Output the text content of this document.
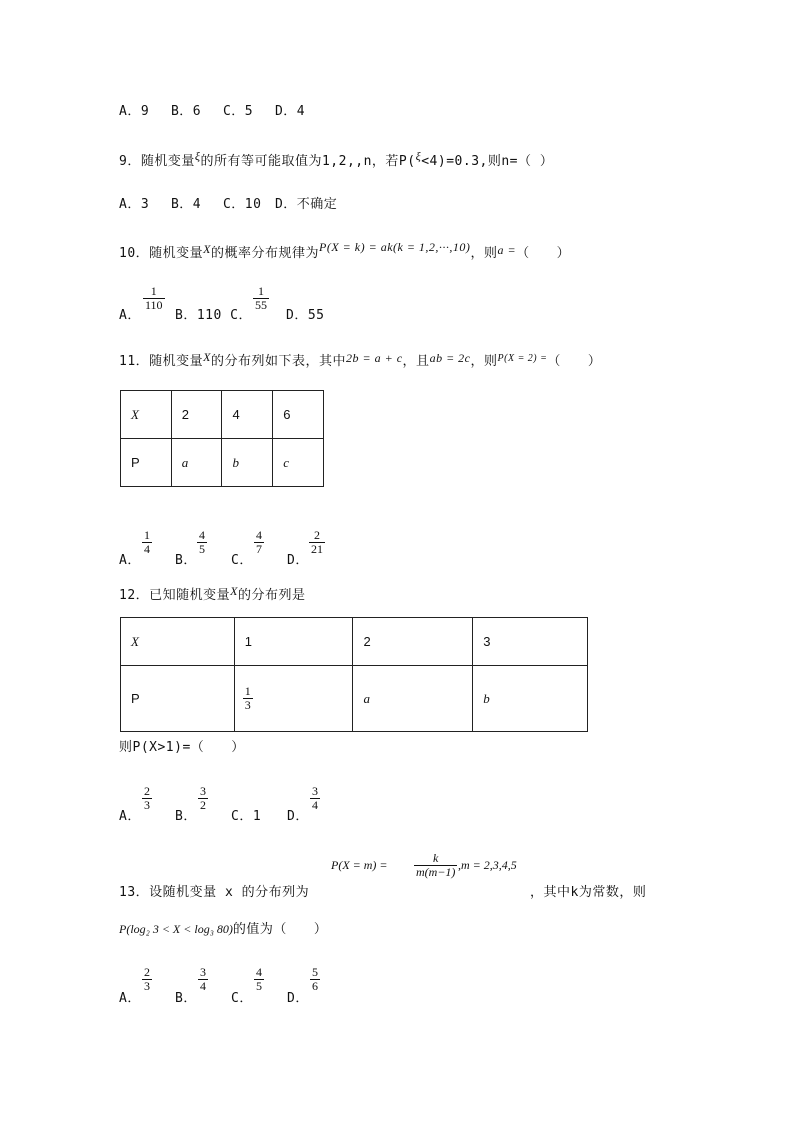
A．9　 B．6　 C．5　 D．4
9．随机变量ξ的所有等可能取值为1,2,,n，若P(ξ<4)=0.3,则n=（ ）
A．3　 B．4　 C．10　D．不确定
10．随机变量X的概率分布规律为P(X = k) = ak(k = 1,2,···,10)，则a =（　　）
A．
$\frac{1}{110}$
B．110 C．
$\frac{1}{55}$
D．55
11．随机变量X的分布列如下表，其中2b = a + c，且ab = 2c，则$^{P(X = 2) =}$（　　）
X	2	4	6
P	a	b	c
A．
$\frac{1}{4}$
B．
$\frac{4}{5}$
C．
$\frac{4}{7}$
D．
$\frac{2}{21}$
12．已知随机变量X的分布列是
X	1	2	3
P	$\frac{1}{3}$	a	b
则P(X>1)=（　　）
A．
$\frac{2}{3}$
B．
$\frac{3}{2}$
C．1 D．
$\frac{3}{4}$
13．设随机变量 x 的分布列为
$P(X = m) = \frac{k}{m(m-1)} ,m = 2,3,4,5$
，其中k为常数，则
P(log₂ 3 < X < log₃ 80)的值为（　　）
A．
$\frac{2}{3}$
B．
$\frac{3}{4}$
C．
$\frac{4}{5}$
D．
$\frac{5}{6}$
